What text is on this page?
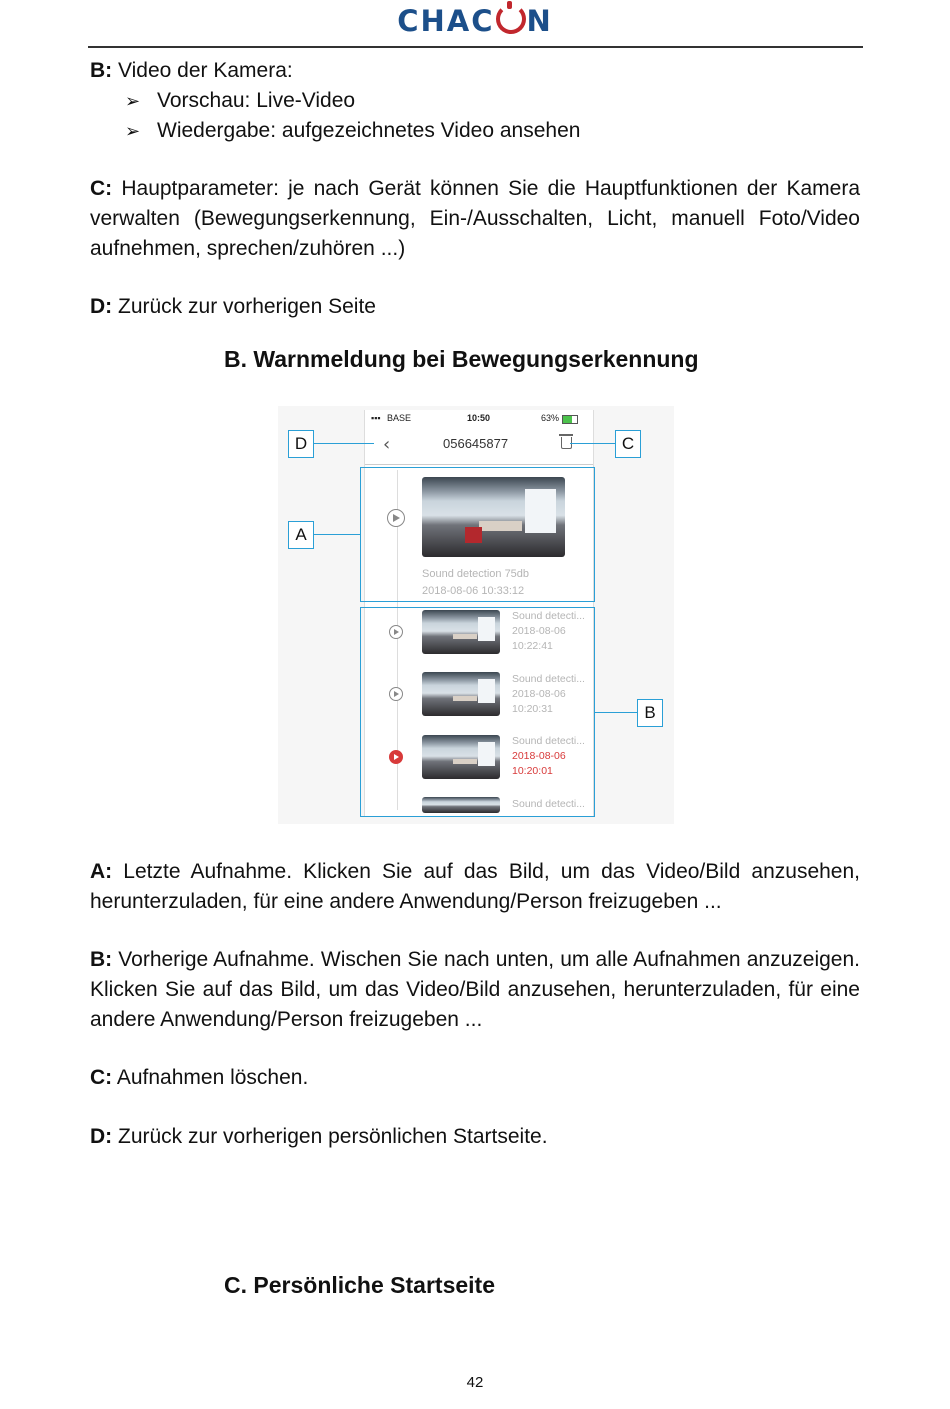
CHAC N
B: Video der Kamera:
➢ Vorschau: Live-Video
➢ Wiedergabe: aufgezeichnetes Video ansehen
C: Hauptparameter: je nach Gerät können Sie die Hauptfunktionen der Kamera verwalten (Bewegungserkennung, Ein-/Ausschalten, Licht, manuell Foto/Video aufnehmen, sprechen/zuhören ...)
D: Zurück zur vorherigen Seite
B. Warnmeldung bei Bewegungserkennung
▪▪▪ BASE	10:50	63%
‹	056645877
Sound detection 75db
2018-08-06 10:33:12
Sound detecti...
2018-08-06
10:22:41
Sound detecti...
2018-08-06
10:20:31
Sound detecti...
2018-08-06
10:20:01
Sound detecti...
D	C
A
B
A: Letzte Aufnahme. Klicken Sie auf das Bild, um das Video/Bild anzusehen, herunterzuladen, für eine andere Anwendung/Person freizugeben ...
B: Vorherige Aufnahme. Wischen Sie nach unten, um alle Aufnahmen anzuzeigen. Klicken Sie auf das Bild, um das Video/Bild anzusehen, herunterzuladen, für eine andere Anwendung/Person freizugeben ...
C: Aufnahmen löschen.
D: Zurück zur vorherigen persönlichen Startseite.
C. Persönliche Startseite
42
